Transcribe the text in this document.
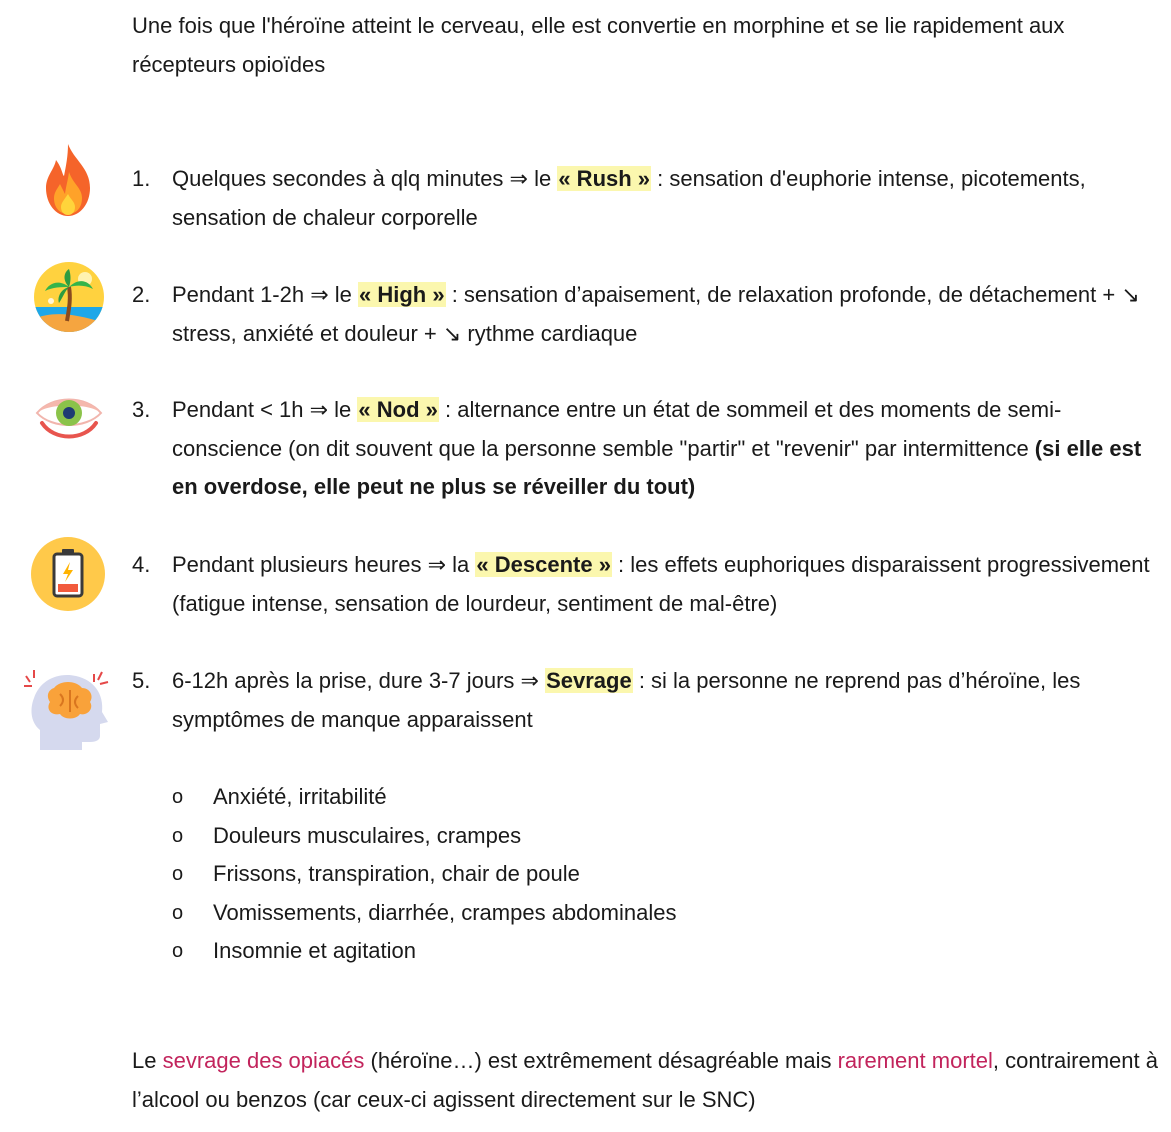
Une fois que l'héroïne atteint le cerveau, elle est convertie en morphine et se lie rapidement aux récepteurs opioïdes

1. Quelques secondes à qlq minutes ⇒ le « Rush » : sensation d'euphorie intense, picotements, sensation de chaleur corporelle
2. Pendant 1-2h ⇒ le « High » : sensation d’apaisement, de relaxation profonde, de détachement + ↘ stress, anxiété et douleur + ↘ rythme cardiaque
3. Pendant < 1h ⇒ le « Nod » : alternance entre un état de sommeil et des moments de semi-conscience (on dit souvent que la personne semble "partir" et "revenir" par intermittence (si elle est en overdose, elle peut ne plus se réveiller du tout)
4. Pendant plusieurs heures ⇒ la « Descente » : les effets euphoriques disparaissent progressivement (fatigue intense, sensation de lourdeur, sentiment de mal-être)
5. 6-12h après la prise, dure 3-7 jours ⇒ Sevrage : si la personne ne reprend pas d’héroïne, les symptômes de manque apparaissent
o Anxiété, irritabilité
o Douleurs musculaires, crampes
o Frissons, transpiration, chair de poule
o Vomissements, diarrhée, crampes abdominales
o Insomnie et agitation

Le sevrage des opiacés (héroïne…) est extrêmement désagréable mais rarement mortel, contrairement à l’alcool ou benzos (car ceux-ci agissent directement sur le SNC)
